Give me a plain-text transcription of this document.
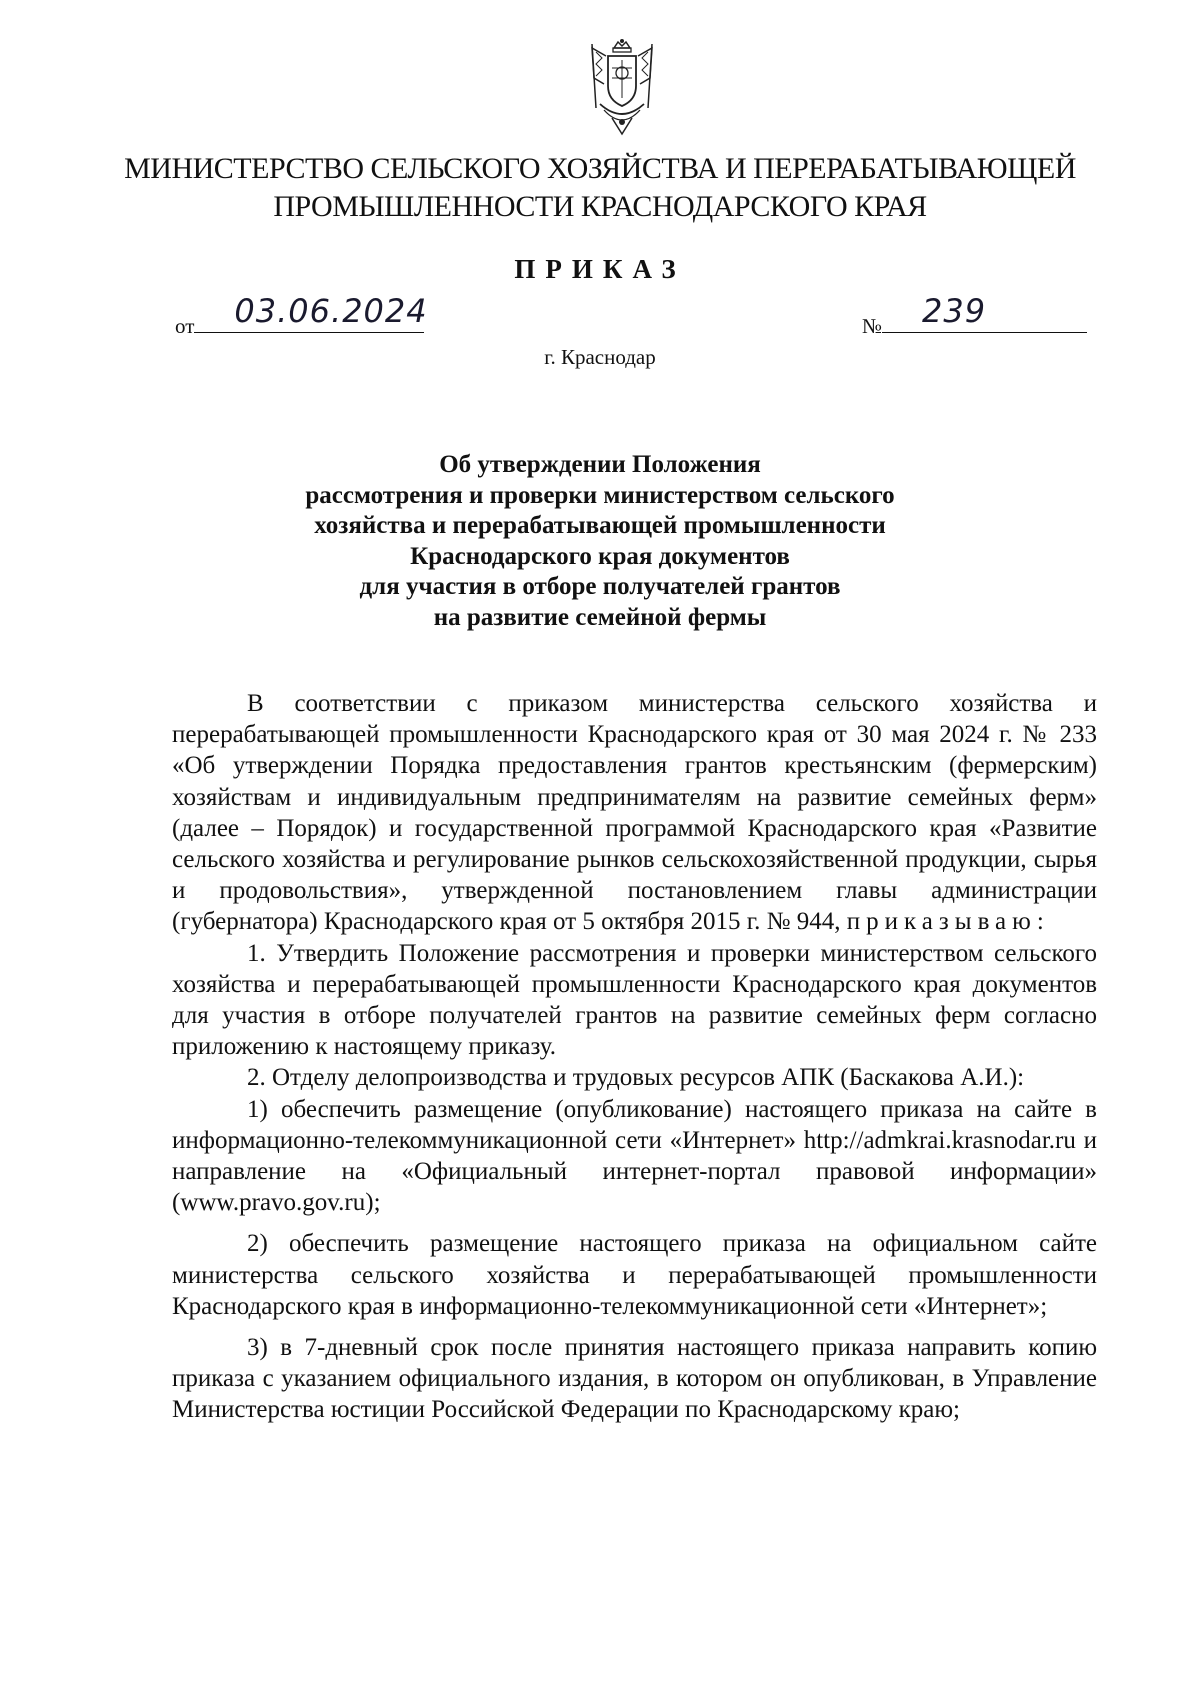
МИНИСТЕРСТВО СЕЛЬСКОГО ХОЗЯЙСТВА И ПЕРЕРАБАТЫВАЮЩЕЙ
ПРОМЫШЛЕННОСТИ КРАСНОДАРСКОГО КРАЯ
ПРИКАЗ
от 03.06.2024	№ 239
г. Краснодар
Об утверждении Положения
рассмотрения и проверки министерством сельского
хозяйства и перерабатывающей промышленности
Краснодарского края документов
для участия в отборе получателей грантов
на развитие семейной фермы

В соответствии с приказом министерства сельского хозяйства и перерабатывающей промышленности Краснодарского края от 30 мая 2024 г. № 233 «Об утверждении Порядка предоставления грантов крестьянским (фермерским) хозяйствам и индивидуальным предпринимателям на развитие семейных ферм» (далее – Порядок) и государственной программой Краснодарского края «Развитие сельского хозяйства и регулирование рынков сельскохозяйственной продукции, сырья и продовольствия», утвержденной постановлением главы администрации (губернатора) Краснодарского края от 5 октября 2015 г. № 944, приказываю:

1. Утвердить Положение рассмотрения и проверки министерством сельского хозяйства и перерабатывающей промышленности Краснодарского края документов для участия в отборе получателей грантов на развитие семейных ферм согласно приложению к настоящему приказу.

2. Отделу делопроизводства и трудовых ресурсов АПК (Баскакова А.И.):

1) обеспечить размещение (опубликование) настоящего приказа на сайте в информационно-телекоммуникационной сети «Интернет» http://admkrai.krasnodar.ru и направление на «Официальный интернет-портал правовой информации» (www.pravo.gov.ru);

2) обеспечить размещение настоящего приказа на официальном сайте министерства сельского хозяйства и перерабатывающей промышленности Краснодарского края в информационно-телекоммуникационной сети «Интернет»;

3) в 7-дневный срок после принятия настоящего приказа направить копию приказа с указанием официального издания, в котором он опубликован, в Управление Министерства юстиции Российской Федерации по Краснодарскому краю;
